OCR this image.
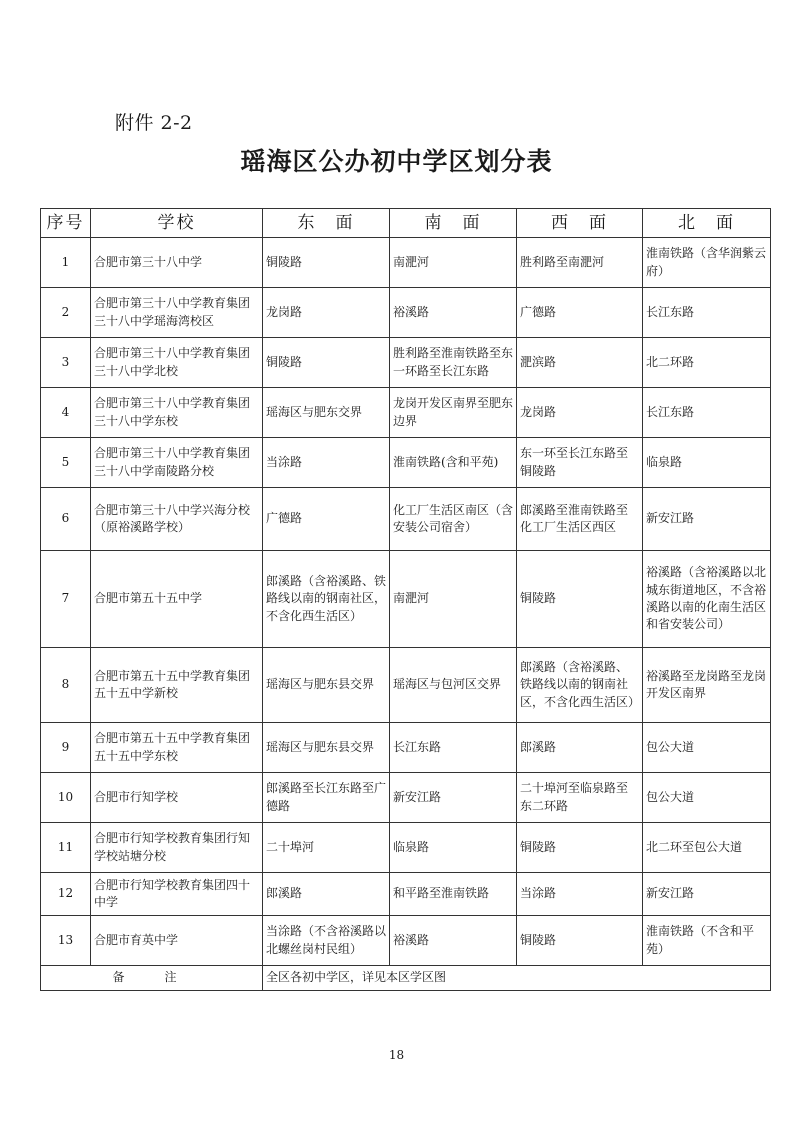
附件 2-2
瑶海区公办初中学区划分表
序号	学校	东　面	南　面	西　面	北　面
1	合肥市第三十八中学	铜陵路	南淝河	胜利路至南淝河	淮南铁路（含华润紫云府）
2	合肥市第三十八中学教育集团三十八中学瑶海湾校区	龙岗路	裕溪路	广德路	长江东路
3	合肥市第三十八中学教育集团三十八中学北校	铜陵路	胜利路至淮南铁路至东一环路至长江东路	淝滨路	北二环路
4	合肥市第三十八中学教育集团三十八中学东校	瑶海区与肥东交界	龙岗开发区南界至肥东边界	龙岗路	长江东路
5	合肥市第三十八中学教育集团三十八中学南陵路分校	当涂路	淮南铁路(含和平苑)	东一环至长江东路至铜陵路	临泉路
6	合肥市第三十八中学兴海分校（原裕溪路学校）	广德路	化工厂生活区南区（含安装公司宿舍）	郎溪路至淮南铁路至化工厂生活区西区	新安江路
7	合肥市第五十五中学	郎溪路（含裕溪路、铁路线以南的钢南社区，不含化西生活区）	南淝河	铜陵路	裕溪路（含裕溪路以北城东街道地区，不含裕溪路以南的化南生活区和省安装公司）
8	合肥市第五十五中学教育集团五十五中学新校	瑶海区与肥东县交界	瑶海区与包河区交界	郎溪路（含裕溪路、铁路线以南的钢南社区，不含化西生活区）	裕溪路至龙岗路至龙岗开发区南界
9	合肥市第五十五中学教育集团五十五中学东校	瑶海区与肥东县交界	长江东路	郎溪路	包公大道
10	合肥市行知学校	郎溪路至长江东路至广德路	新安江路	二十埠河至临泉路至东二环路	包公大道
11	合肥市行知学校教育集团行知学校站塘分校	二十埠河	临泉路	铜陵路	北二环至包公大道
12	合肥市行知学校教育集团四十中学	郎溪路	和平路至淮南铁路	当涂路	新安江路
13	合肥市育英中学	当涂路（不含裕溪路以北螺丝岗村民组）	裕溪路	铜陵路	淮南铁路（不含和平苑）
备　注		全区各初中学区，详见本区学区图			
18
